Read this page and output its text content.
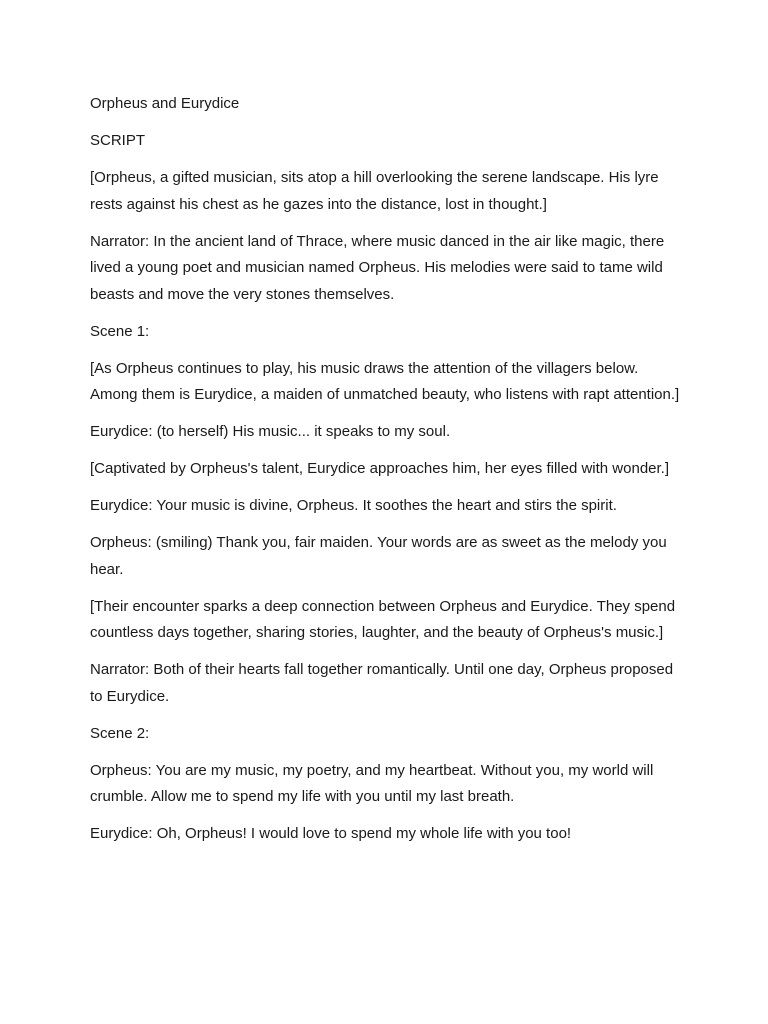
Orpheus and Eurydice

SCRIPT

[Orpheus, a gifted musician, sits atop a hill overlooking the serene landscape. His lyre rests against his chest as he gazes into the distance, lost in thought.]

Narrator: In the ancient land of Thrace, where music danced in the air like magic, there lived a young poet and musician named Orpheus. His melodies were said to tame wild beasts and move the very stones themselves.

Scene 1:

[As Orpheus continues to play, his music draws the attention of the villagers below. Among them is Eurydice, a maiden of unmatched beauty, who listens with rapt attention.]

Eurydice: (to herself) His music... it speaks to my soul.

[Captivated by Orpheus's talent, Eurydice approaches him, her eyes filled with wonder.]

Eurydice: Your music is divine, Orpheus. It soothes the heart and stirs the spirit.

Orpheus: (smiling) Thank you, fair maiden. Your words are as sweet as the melody you hear.

[Their encounter sparks a deep connection between Orpheus and Eurydice. They spend countless days together, sharing stories, laughter, and the beauty of Orpheus's music.]

Narrator: Both of their hearts fall together romantically. Until one day, Orpheus proposed to Eurydice.

Scene 2:

Orpheus: You are my music, my poetry, and my heartbeat. Without you, my world will crumble. Allow me to spend my life with you until my last breath.

Eurydice: Oh, Orpheus! I would love to spend my whole life with you too!
